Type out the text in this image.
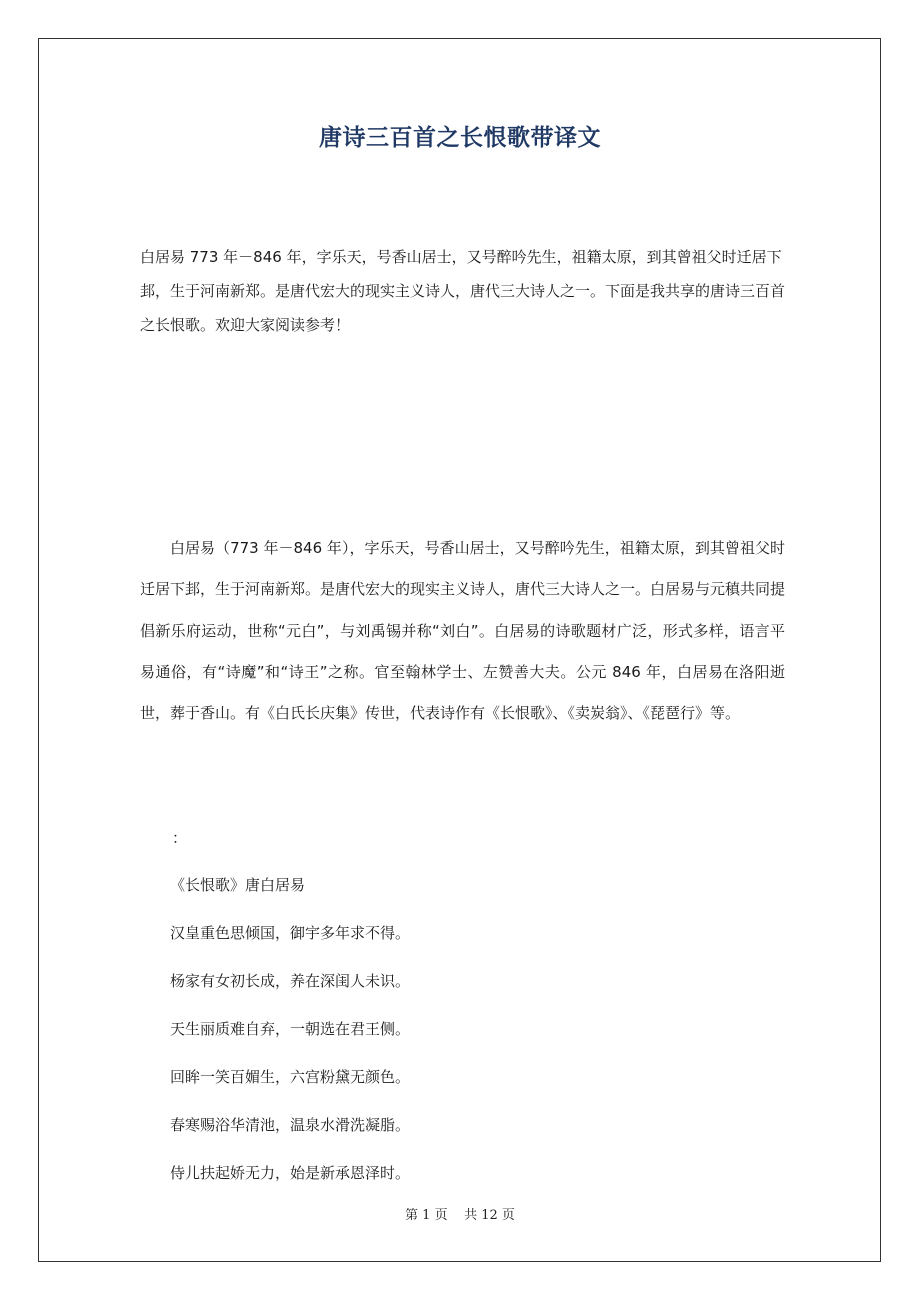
唐诗三百首之长恨歌带译文

白居易 773 年－846 年，字乐天，号香山居士，又号醉吟先生，祖籍太原，到其曾祖父时迁居下邽，生于河南新郑。是唐代宏大的现实主义诗人，唐代三大诗人之一。下面是我共享的唐诗三百首之长恨歌。欢迎大家阅读参考！

白居易（773 年－846 年），字乐天，号香山居士，又号醉吟先生，祖籍太原，到其曾祖父时迁居下邽，生于河南新郑。是唐代宏大的现实主义诗人，唐代三大诗人之一。白居易与元稹共同提倡新乐府运动，世称“元白”，与刘禹锡并称“刘白”。白居易的诗歌题材广泛，形式多样，语言平易通俗，有“诗魔”和“诗王”之称。官至翰林学士、左赞善大夫。公元 846 年，白居易在洛阳逝世，葬于香山。有《白氏长庆集》传世，代表诗作有《长恨歌》、《卖炭翁》、《琵琶行》等。

：

《长恨歌》唐白居易

汉皇重色思倾国，御宇多年求不得。

杨家有女初长成，养在深闺人未识。

天生丽质难自弃，一朝选在君王侧。

回眸一笑百媚生，六宫粉黛无颜色。

春寒赐浴华清池，温泉水滑洗凝脂。

侍儿扶起娇无力，始是新承恩泽时。

第 1 页 共 12 页
